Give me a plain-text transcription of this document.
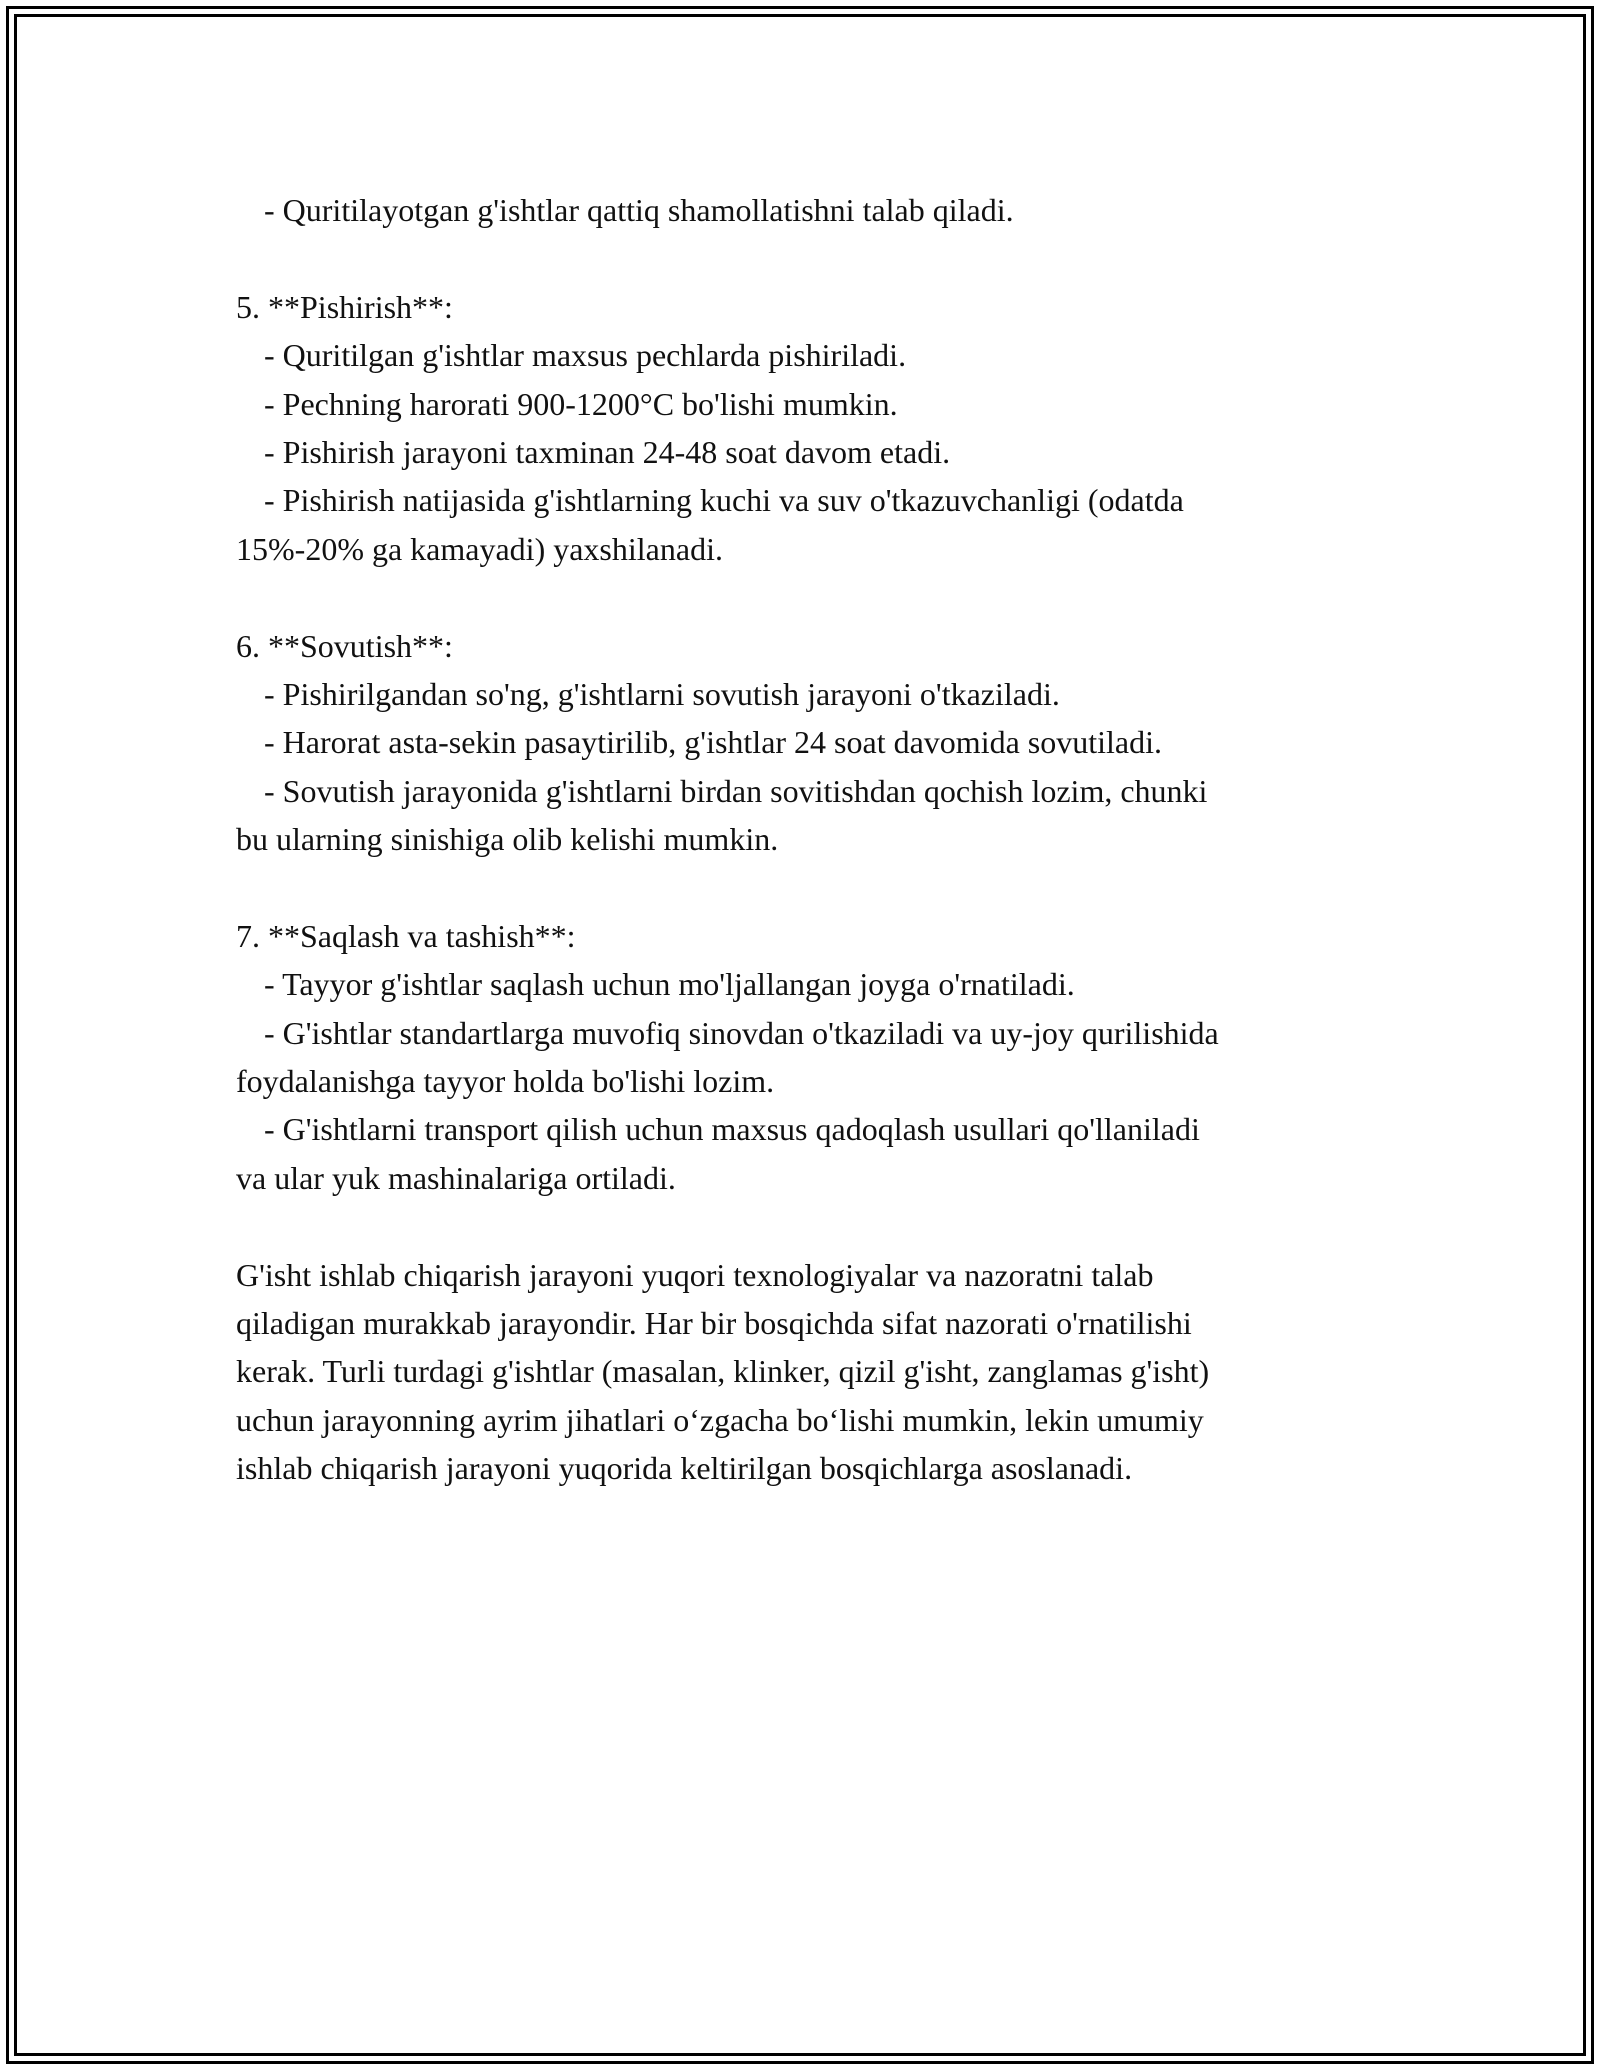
- Quritilayotgan g'ishtlar qattiq shamollatishni talab qiladi.
5. **Pishirish**:
- Quritilgan g'ishtlar maxsus pechlarda pishiriladi.
- Pechning harorati 900-1200°C bo'lishi mumkin.
- Pishirish jarayoni taxminan 24-48 soat davom etadi.
- Pishirish natijasida g'ishtlarning kuchi va suv o'tkazuvchanligi (odatda
15%-20% ga kamayadi) yaxshilanadi.
6. **Sovutish**:
- Pishirilgandan so'ng, g'ishtlarni sovutish jarayoni o'tkaziladi.
- Harorat asta-sekin pasaytirilib, g'ishtlar 24 soat davomida sovutiladi.
- Sovutish jarayonida g'ishtlarni birdan sovitishdan qochish lozim, chunki
bu ularning sinishiga olib kelishi mumkin.
7. **Saqlash va tashish**:
- Tayyor g'ishtlar saqlash uchun mo'ljallangan joyga o'rnatiladi.
- G'ishtlar standartlarga muvofiq sinovdan o'tkaziladi va uy-joy qurilishida
foydalanishga tayyor holda bo'lishi lozim.
- G'ishtlarni transport qilish uchun maxsus qadoqlash usullari qo'llaniladi
va ular yuk mashinalariga ortiladi.
G'isht ishlab chiqarish jarayoni yuqori texnologiyalar va nazoratni talab
qiladigan murakkab jarayondir. Har bir bosqichda sifat nazorati o'rnatilishi
kerak. Turli turdagi g'ishtlar (masalan, klinker, qizil g'isht, zanglamas g'isht)
uchun jarayonning ayrim jihatlari o‘zgacha bo‘lishi mumkin, lekin umumiy
ishlab chiqarish jarayoni yuqorida keltirilgan bosqichlarga asoslanadi.
